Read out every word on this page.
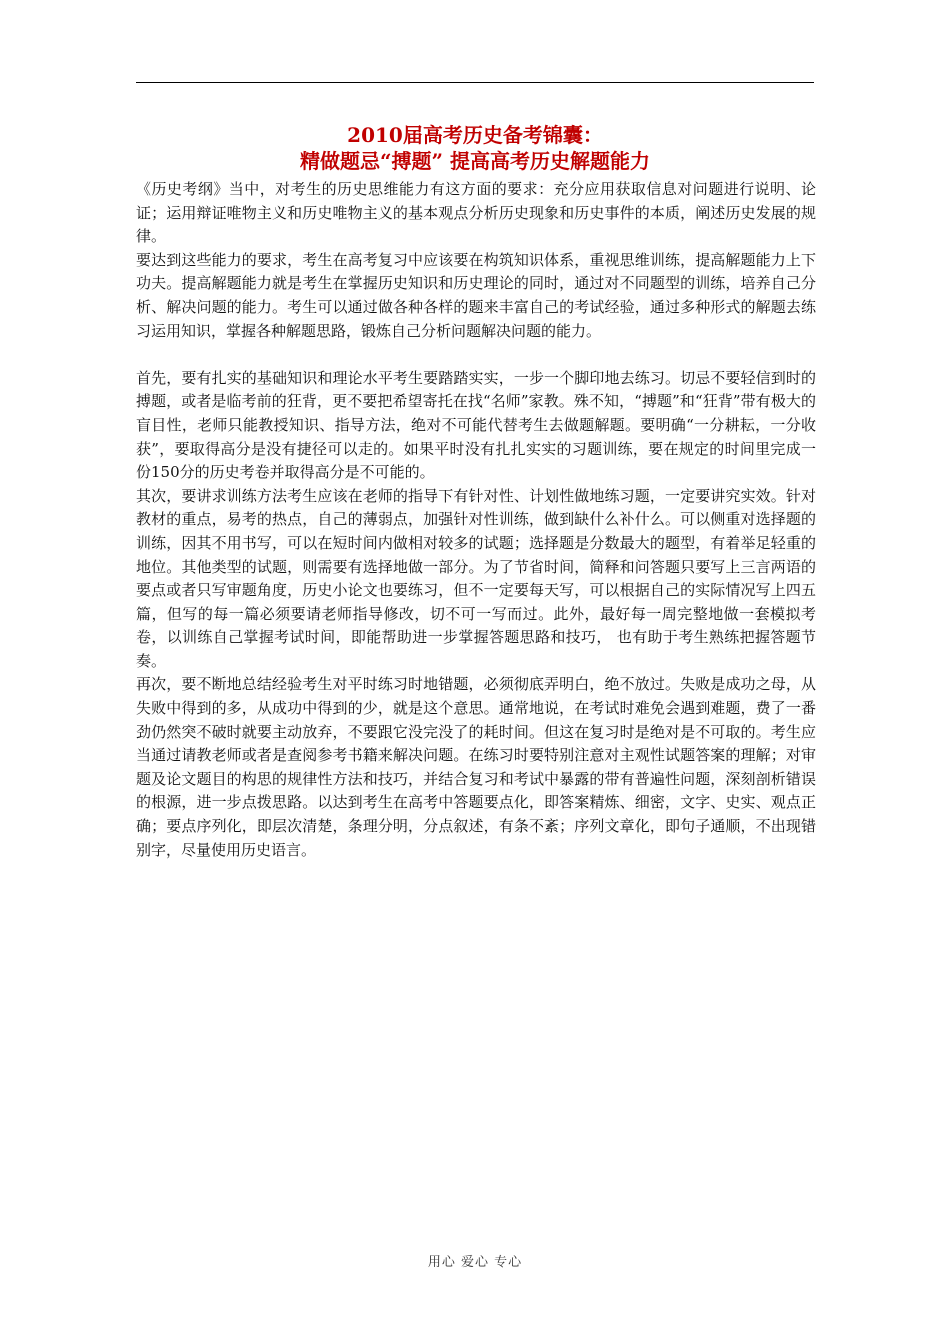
2010届高考历史备考锦囊：
精做题忌“搏题” 提高高考历史解题能力

《历史考纲》当中，对考生的历史思维能力有这方面的要求：充分应用获取信息对问题进行说明、论证；运用辩证唯物主义和历史唯物主义的基本观点分析历史现象和历史事件的本质，阐述历史发展的规律。

要达到这些能力的要求，考生在高考复习中应该要在构筑知识体系，重视思维训练，提高解题能力上下功夫。提高解题能力就是考生在掌握历史知识和历史理论的同时，通过对不同题型的训练，培养自己分析、解决问题的能力。考生可以通过做各种各样的题来丰富自己的考试经验，通过多种形式的解题去练习运用知识，掌握各种解题思路，锻炼自己分析问题解决问题的能力。

首先，要有扎实的基础知识和理论水平考生要踏踏实实，一步一个脚印地去练习。切忌不要轻信到时的搏题，或者是临考前的狂背，更不要把希望寄托在找“名师”家教。殊不知，“搏题”和“狂背”带有极大的盲目性，老师只能教授知识、指导方法，绝对不可能代替考生去做题解题。要明确“一分耕耘，一分收获”，要取得高分是没有捷径可以走的。如果平时没有扎扎实实的习题训练，要在规定的时间里完成一份150分的历史考卷并取得高分是不可能的。

其次，要讲求训练方法考生应该在老师的指导下有针对性、计划性做地练习题，一定要讲究实效。针对教材的重点，易考的热点，自己的薄弱点，加强针对性训练，做到缺什么补什么。可以侧重对选择题的训练，因其不用书写，可以在短时间内做相对较多的试题；选择题是分数最大的题型，有着举足轻重的地位。其他类型的试题，则需要有选择地做一部分。为了节省时间，简释和问答题只要写上三言两语的要点或者只写审题角度，历史小论文也要练习，但不一定要每天写，可以根据自己的实际情况写上四五篇，但写的每一篇必须要请老师指导修改，切不可一写而过。此外，最好每一周完整地做一套模拟考卷，以训练自己掌握考试时间，即能帮助进一步掌握答题思路和技巧， 也有助于考生熟练把握答题节奏。

再次，要不断地总结经验考生对平时练习时地错题，必须彻底弄明白，绝不放过。失败是成功之母，从失败中得到的多，从成功中得到的少，就是这个意思。通常地说，在考试时难免会遇到难题，费了一番劲仍然突不破时就要主动放弃，不要跟它没完没了的耗时间。但这在复习时是绝对是不可取的。考生应当通过请教老师或者是查阅参考书籍来解决问题。在练习时要特别注意对主观性试题答案的理解；对审题及论文题目的构思的规律性方法和技巧，并结合复习和考试中暴露的带有普遍性问题，深刻剖析错误的根源，进一步点拨思路。以达到考生在高考中答题要点化，即答案精炼、细密，文字、史实、观点正确；要点序列化，即层次清楚，条理分明，分点叙述，有条不紊；序列文章化，即句子通顺，不出现错别字，尽量使用历史语言。

用心 爱心 专心
